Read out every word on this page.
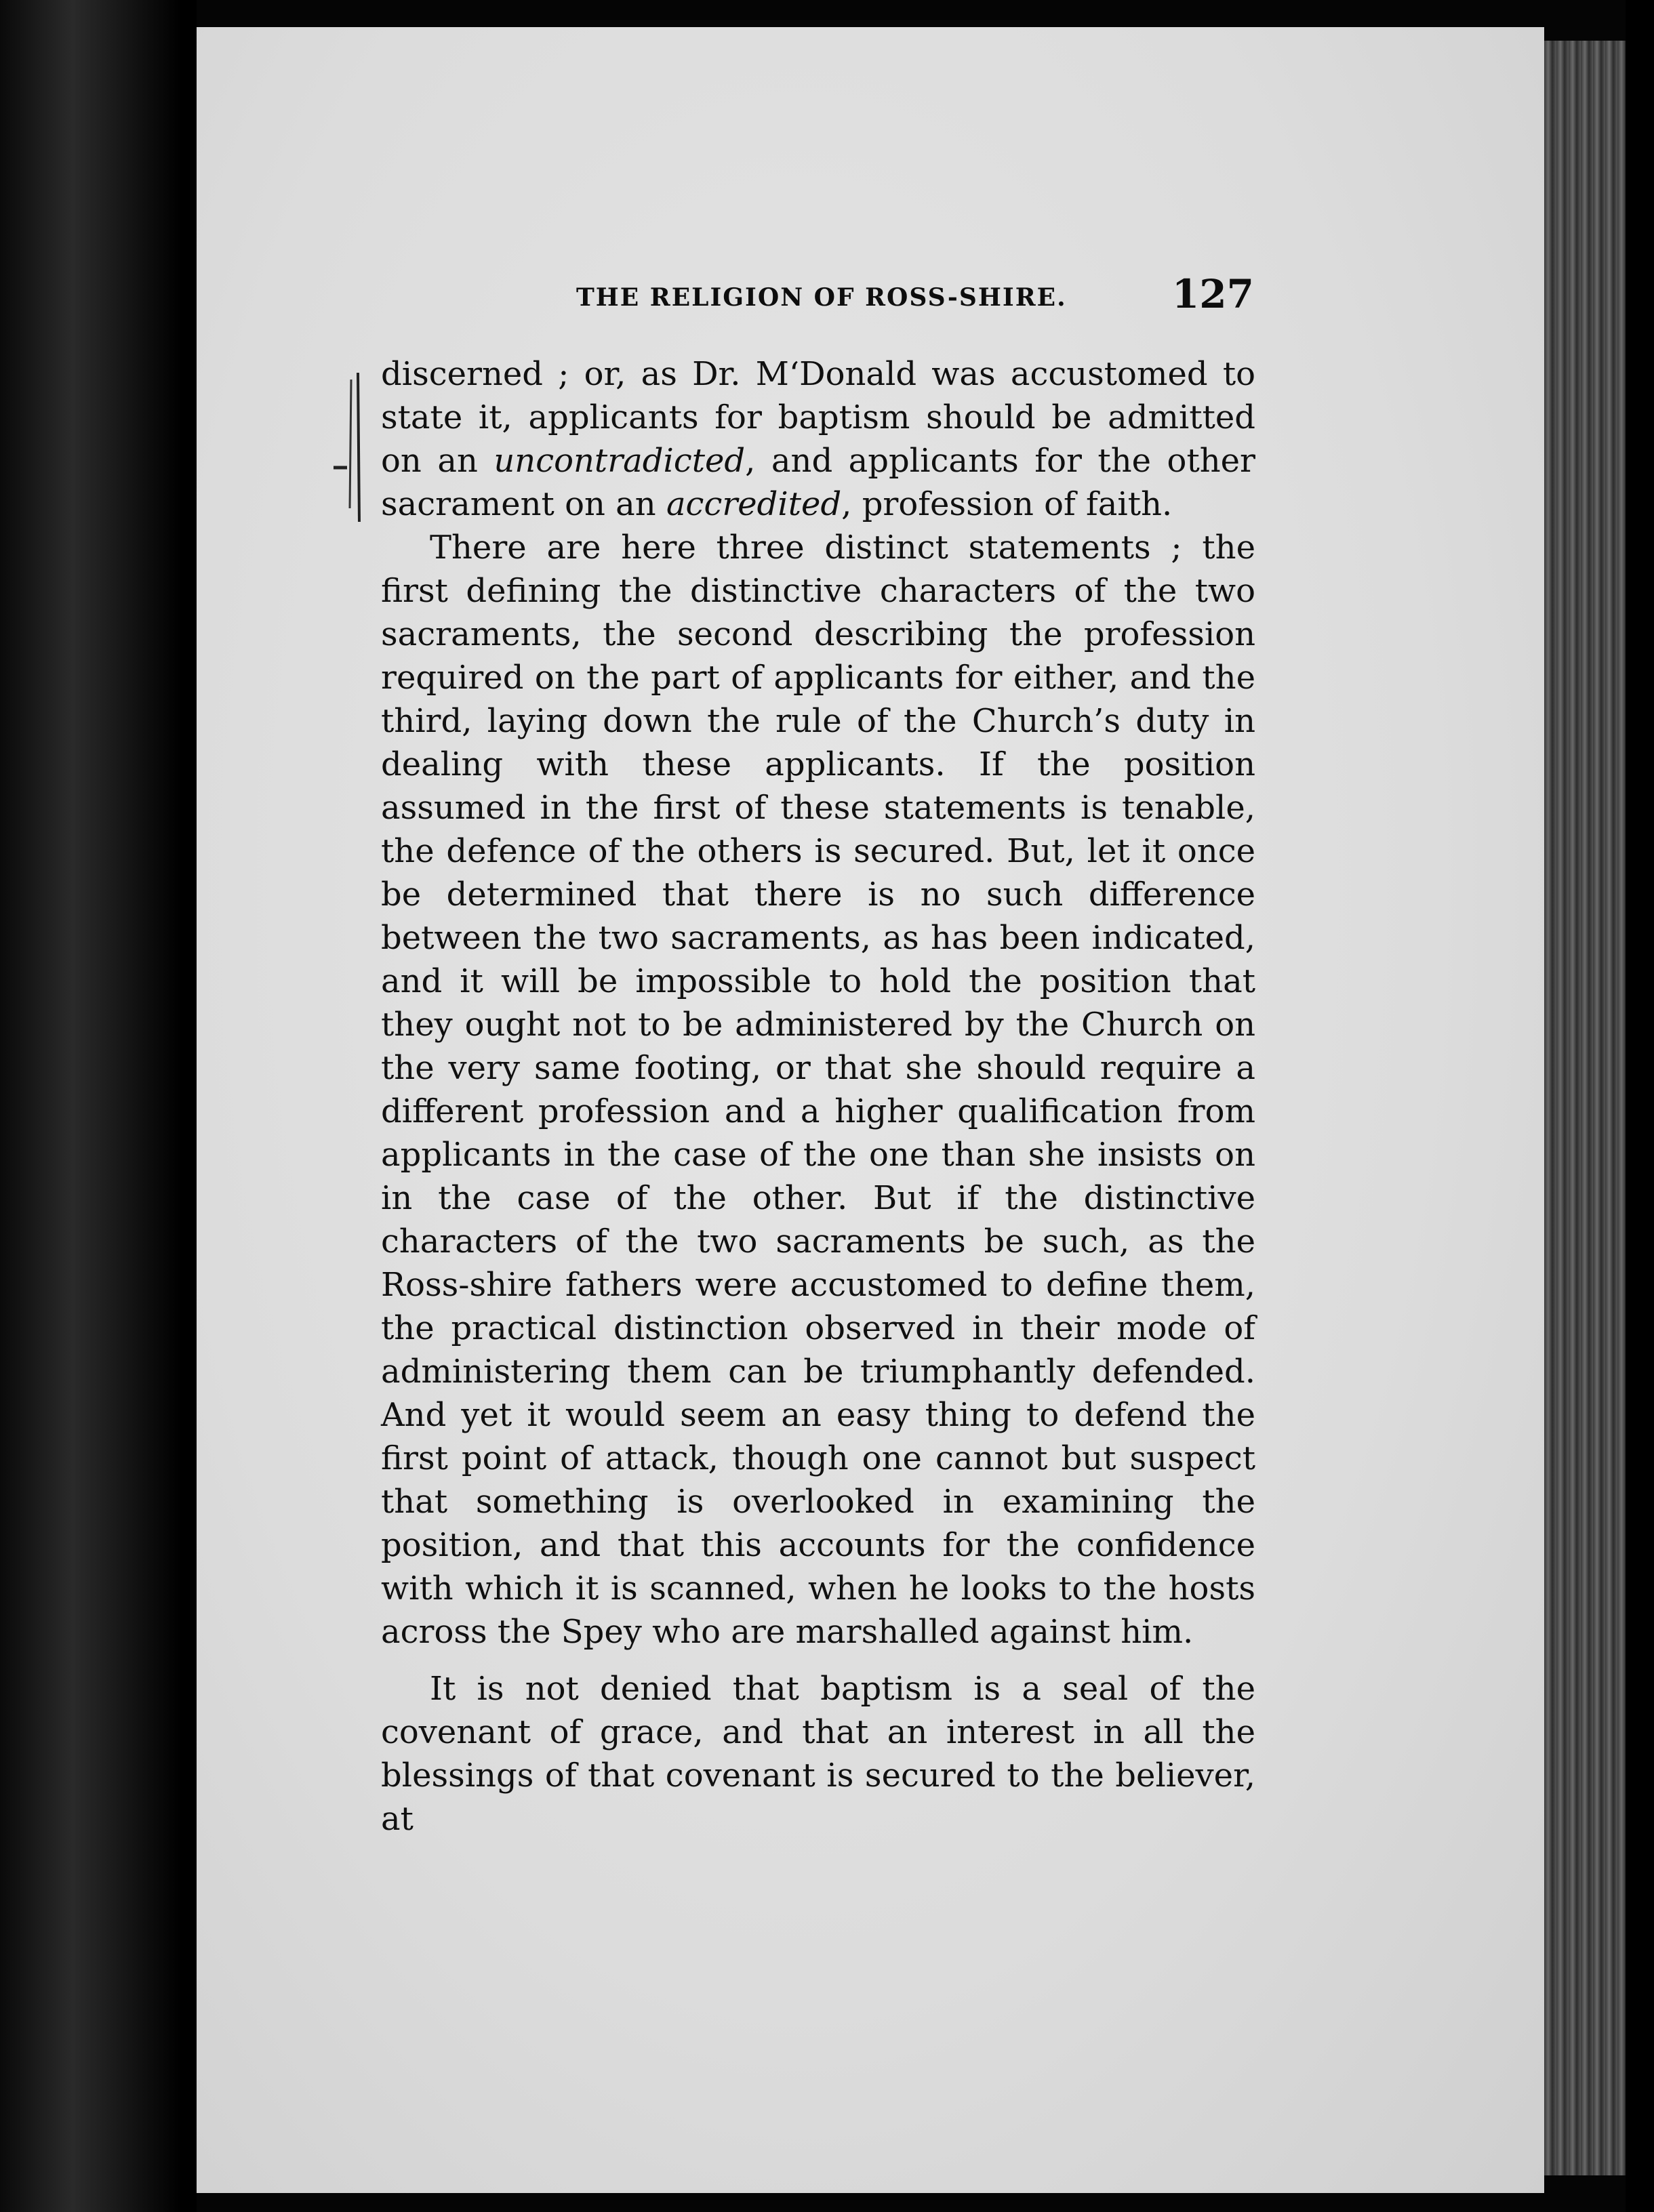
THE RELIGION OF ROSS-SHIRE.	127

discerned ; or, as Dr. M‘Donald was accustomed to state it, applicants for baptism should be admitted on an uncontradicted, and applicants for the other sacrament on an accredited, profession of faith.

There are here three distinct statements ; the first defining the distinctive characters of the two sacraments, the second describing the profession required on the part of applicants for either, and the third, laying down the rule of the Church’s duty in dealing with these applicants. If the position assumed in the first of these statements is tenable, the defence of the others is secured. But, let it once be determined that there is no such difference between the two sacraments, as has been indicated, and it will be impossible to hold the position that they ought not to be administered by the Church on the very same footing, or that she should require a different profession and a higher qualification from applicants in the case of the one than she insists on in the case of the other. But if the distinctive characters of the two sacraments be such, as the Ross-shire fathers were accustomed to define them, the practical distinction observed in their mode of administering them can be triumphantly defended. And yet it would seem an easy thing to defend the first point of attack, though one cannot but suspect that something is overlooked in examining the position, and that this accounts for the confidence with which it is scanned, when he looks to the hosts across the Spey who are marshalled against him.

It is not denied that baptism is a seal of the covenant of grace, and that an interest in all the blessings of that covenant is secured to the believer, at
